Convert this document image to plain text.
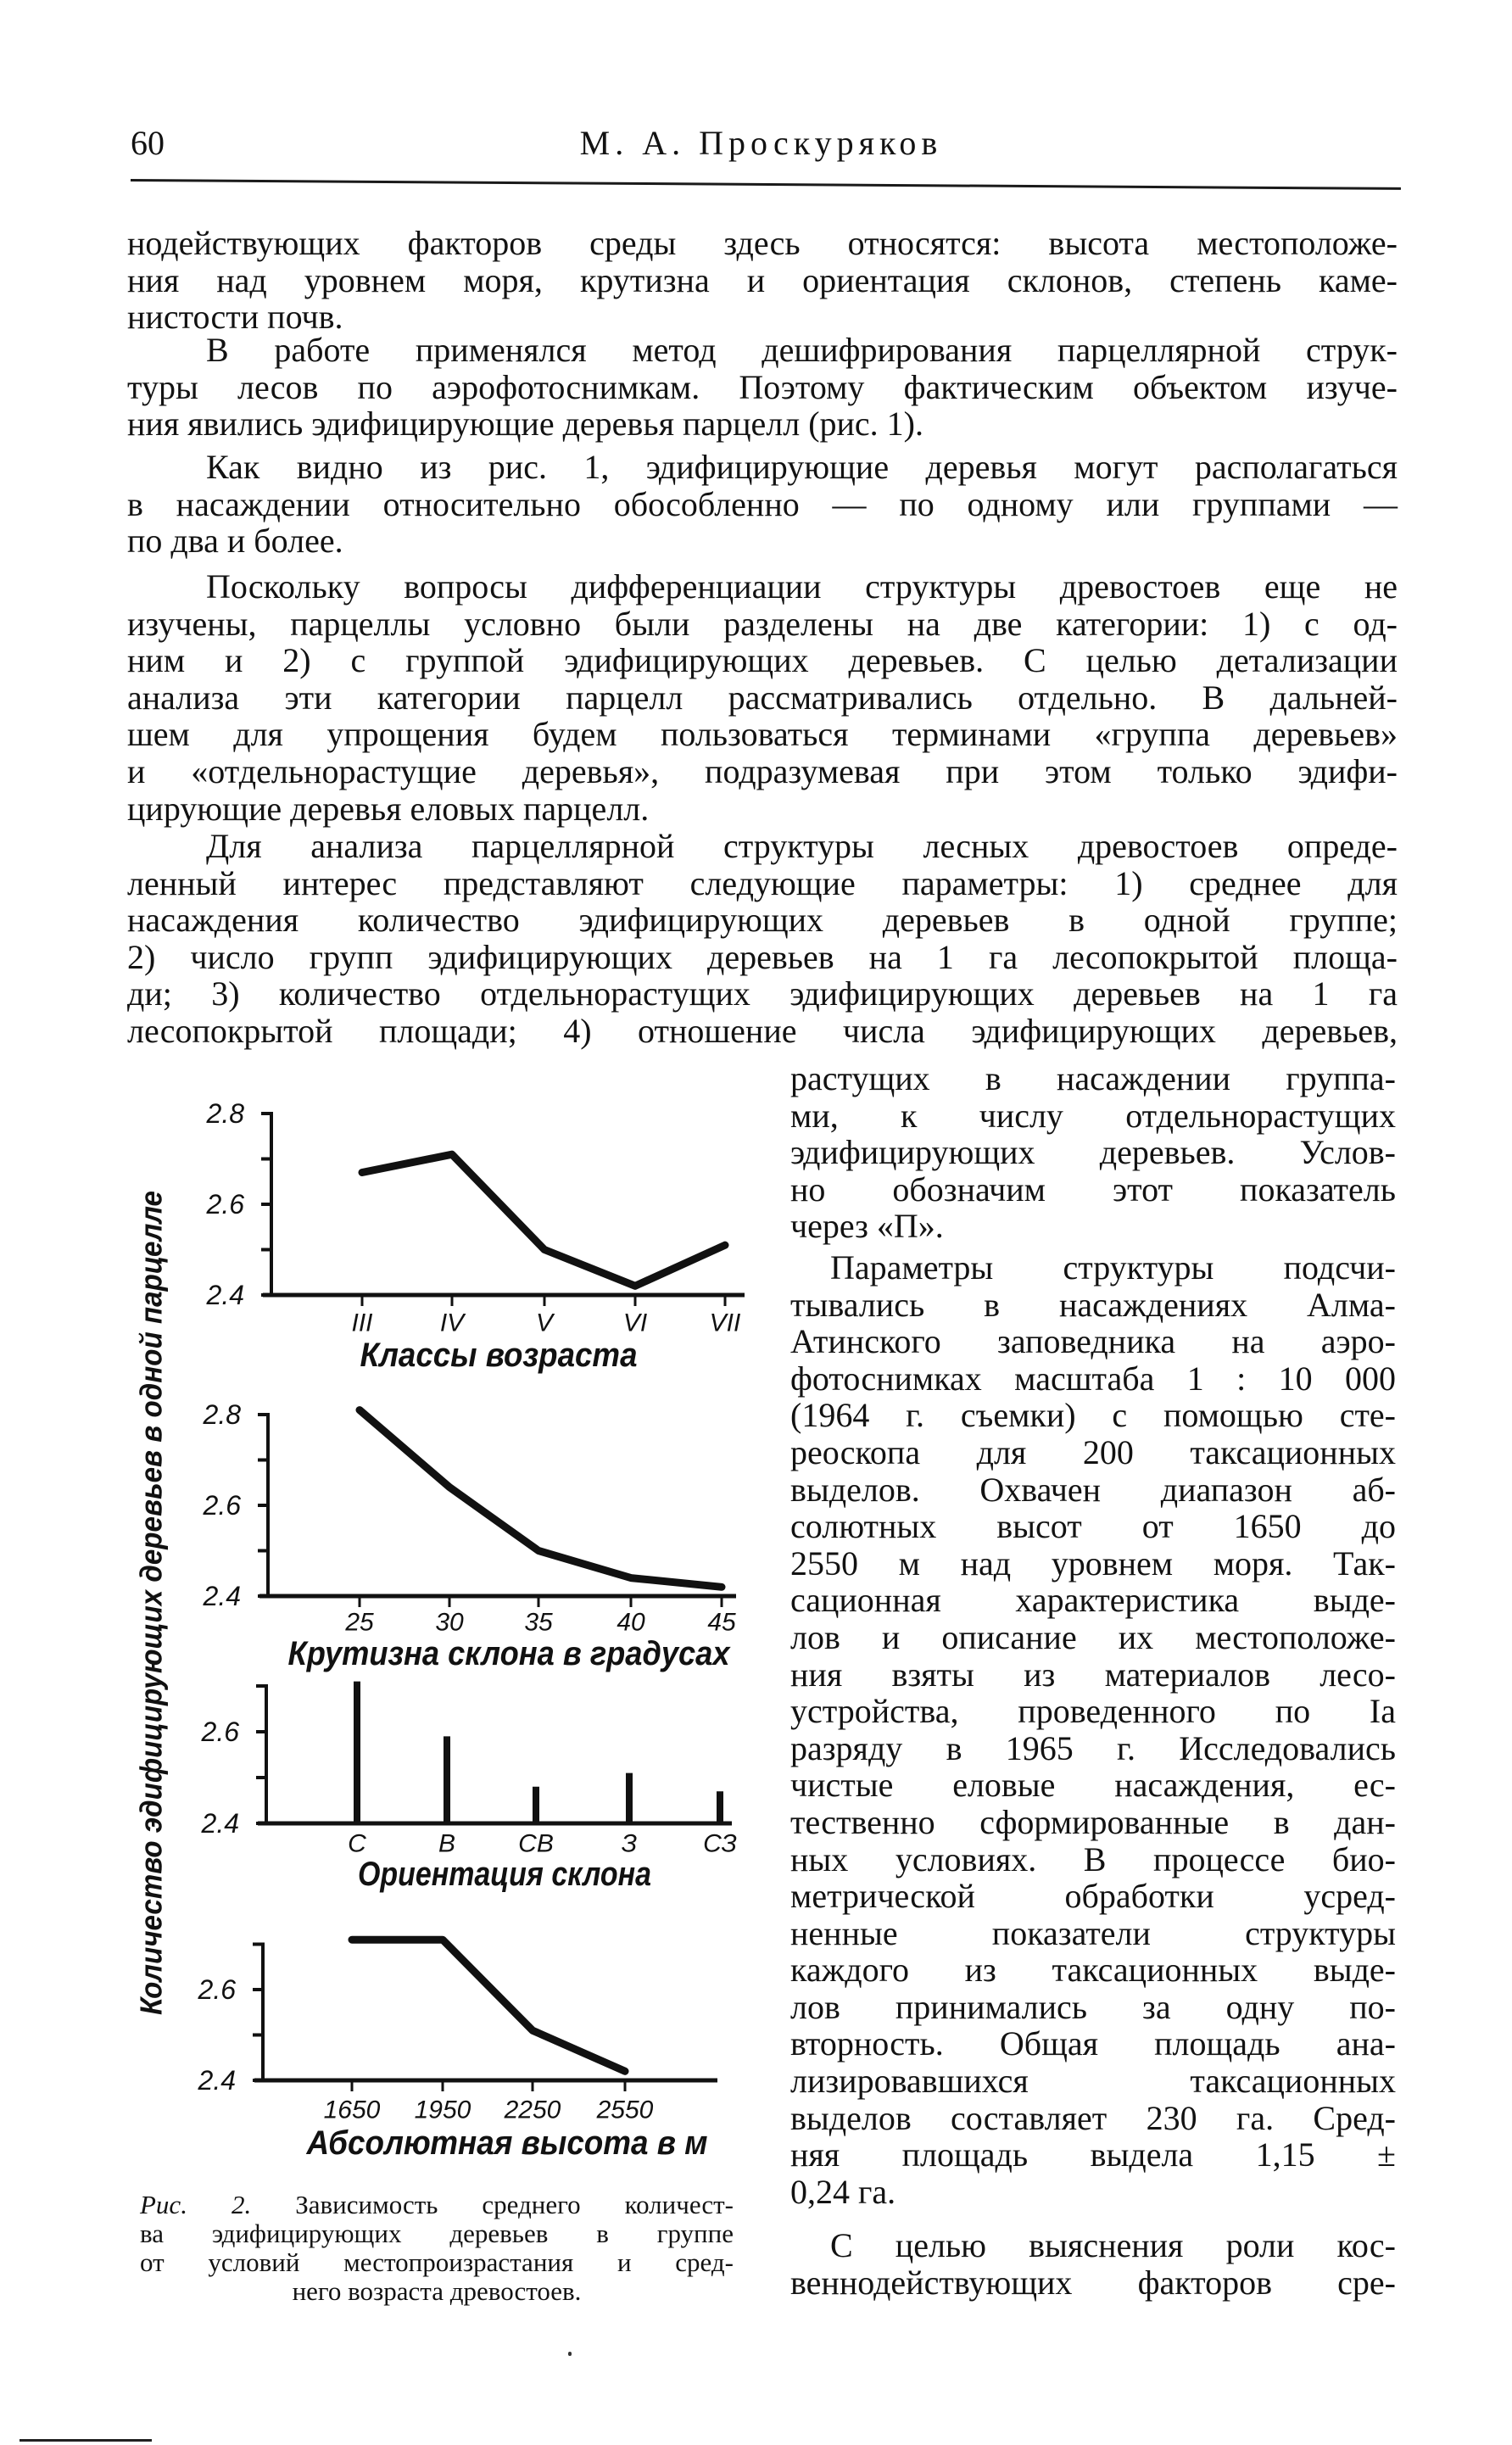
60	М. А. Проскуряков
нодействующих факторов среды здесь относятся: высота местоположе-
ния над уровнем моря, крутизна и ориентация склонов, степень каме-
нистости почв.
В работе применялся метод дешифрирования парцеллярной струк-
туры лесов по аэрофотоснимкам. Поэтому фактическим объектом изуче-
ния явились эдифицирующие деревья парцелл (рис. 1).
Как видно из рис. 1, эдифицирующие деревья могут располагаться
в насаждении относительно обособленно — по одному или группами —
по два и более.
Поскольку вопросы дифференциации структуры древостоев еще не
изучены, парцеллы условно были разделены на две категории: 1) с од-
ним и 2) с группой эдифицирующих деревьев. С целью детализации
анализа эти категории парцелл рассматривались отдельно. В дальней-
шем для упрощения будем пользоваться терминами «группа деревьев»
и «отдельнорастущие деревья», подразумевая при этом только эдифи-
цирующие деревья еловых парцелл.
Для анализа парцеллярной структуры лесных древостоев опреде-
ленный интерес представляют следующие параметры: 1) среднее для
насаждения количество эдифицирующих деревьев в одной группе;
2) число групп эдифицирующих деревьев на 1 га лесопокрытой площа-
ди; 3) количество отдельнорастущих эдифицирующих деревьев на 1 га
лесопокрытой площади; 4) отношение числа эдифицирующих деревьев,
растущих в насаждении группа-
ми, к числу отдельнорастущих
эдифицирующих деревьев. Услов-
но обозначим этот показатель
через «П».
Параметры структуры подсчи-
тывались в насаждениях Алма-
Атинского заповедника на аэро-
фотоснимках масштаба 1 : 10 000
(1964 г. съемки) с помощью сте-
реоскопа для 200 таксационных
выделов. Охвачен диапазон аб-
солютных высот от 1650 до
2550 м над уровнем моря. Так-
сационная характеристика выде-
лов и описание их местоположе-
ния взяты из материалов лесо-
устройства, проведенного по Iа
разряду в 1965 г. Исследовались
чистые еловые насаждения, ес-
тественно сформированные в дан-
ных условиях. В процессе био-
метрической обработки усред-
ненные показатели структуры
каждого из таксационных выде-
лов принимались за одну по-
вторность. Общая площадь ана-
лизировавшихся таксационных
выделов составляет 230 га. Сред-
няя площадь выдела 1,15 ±
0,24 га.
С целью выяснения роли кос-
веннодействующих факторов сре-
Количество эдифицирующих деревьев в одной парцелле 2.4
2.6
2.8
III	IV	V	VI VII
Классы возраста
2.4
2.6
2.8
25 30 35	40 45
Крутизна склона в градусах
2.4
2.6
С	В СВ	З	СЗ
Ориентация склона
2.4
2.6
1650 1950 2250 2550
Абсолютная высота в м
Рис. 2. Зависимость среднего количест-
ва эдифицирующих деревьев в группе
от условий местопроизрастания и сред-
него возраста древостоев.
